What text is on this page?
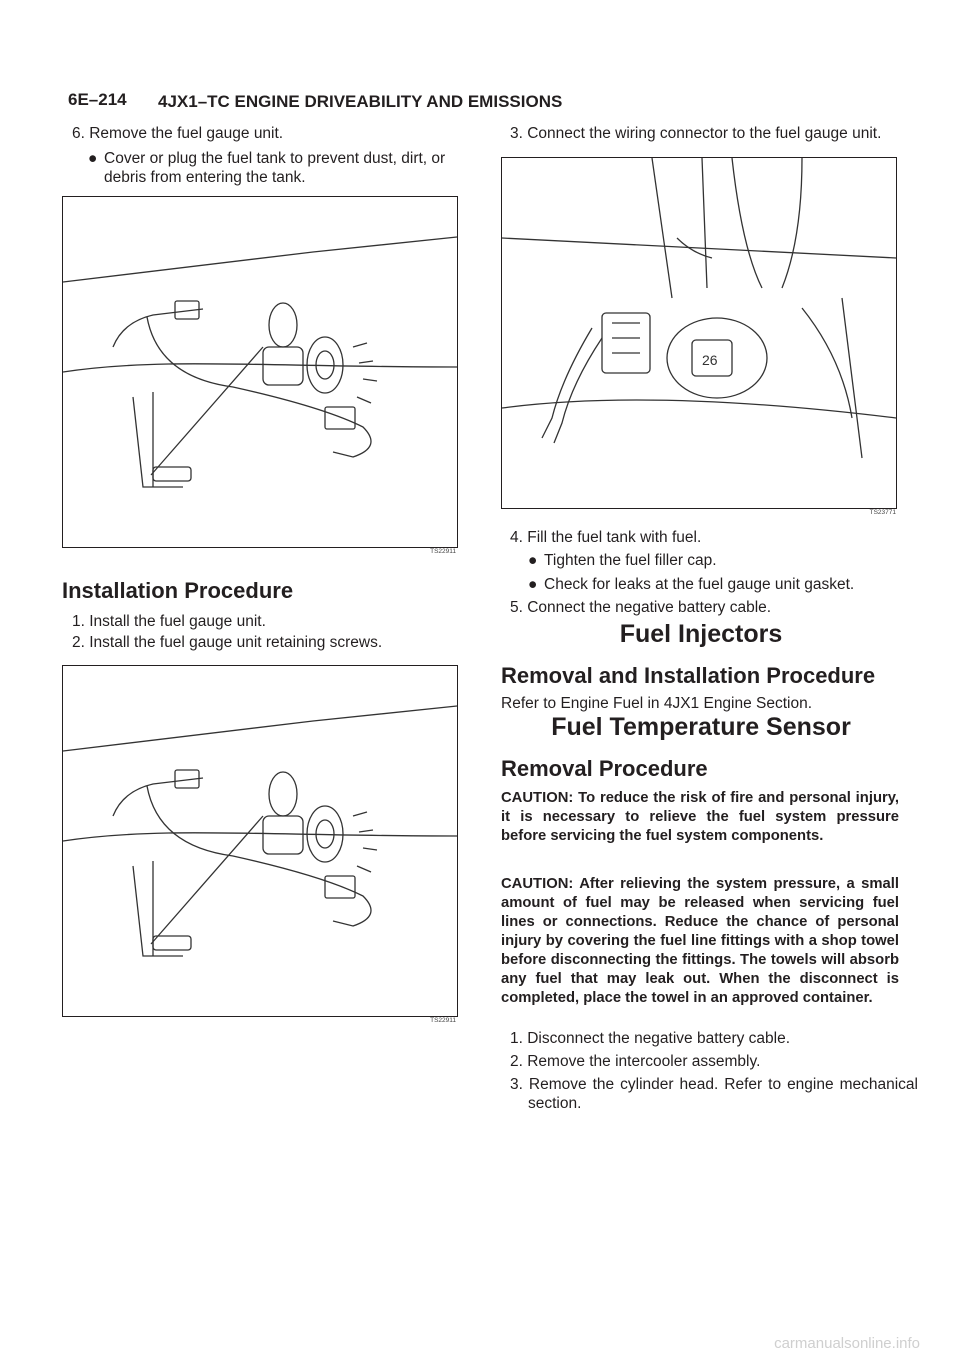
6E–214 4JX1–TC ENGINE DRIVEABILITY AND EMISSIONS
6. Remove the fuel gauge unit.
● Cover or plug the fuel tank to prevent dust, dirt, or debris from entering the tank.
TS22911
Installation Procedure
1. Install the fuel gauge unit.
2. Install the fuel gauge unit retaining screws.
TS22911
3. Connect the wiring connector to the fuel gauge unit.
26
TS23771
4. Fill the fuel tank with fuel.
● Tighten the fuel filler cap.
● Check for leaks at the fuel gauge unit gasket.
5. Connect the negative battery cable.
Fuel Injectors
Removal and Installation Procedure
Refer to Engine Fuel in 4JX1 Engine Section.
Fuel Temperature Sensor
Removal Procedure

CAUTION: To reduce the risk of fire and personal injury, it is necessary to relieve the fuel system pressure before servicing the fuel system components.

CAUTION: After relieving the system pressure, a small amount of fuel may be released when servicing fuel lines or connections. Reduce the chance of personal injury by covering the fuel line fittings with a shop towel before disconnecting the fittings. The towels will absorb any fuel that may leak out. When the disconnect is completed, place the towel in an approved container.

1. Disconnect the negative battery cable.
2. Remove the intercooler assembly.
3. Remove the cylinder head. Refer to engine mechanical section.
carmanualsonline.info
